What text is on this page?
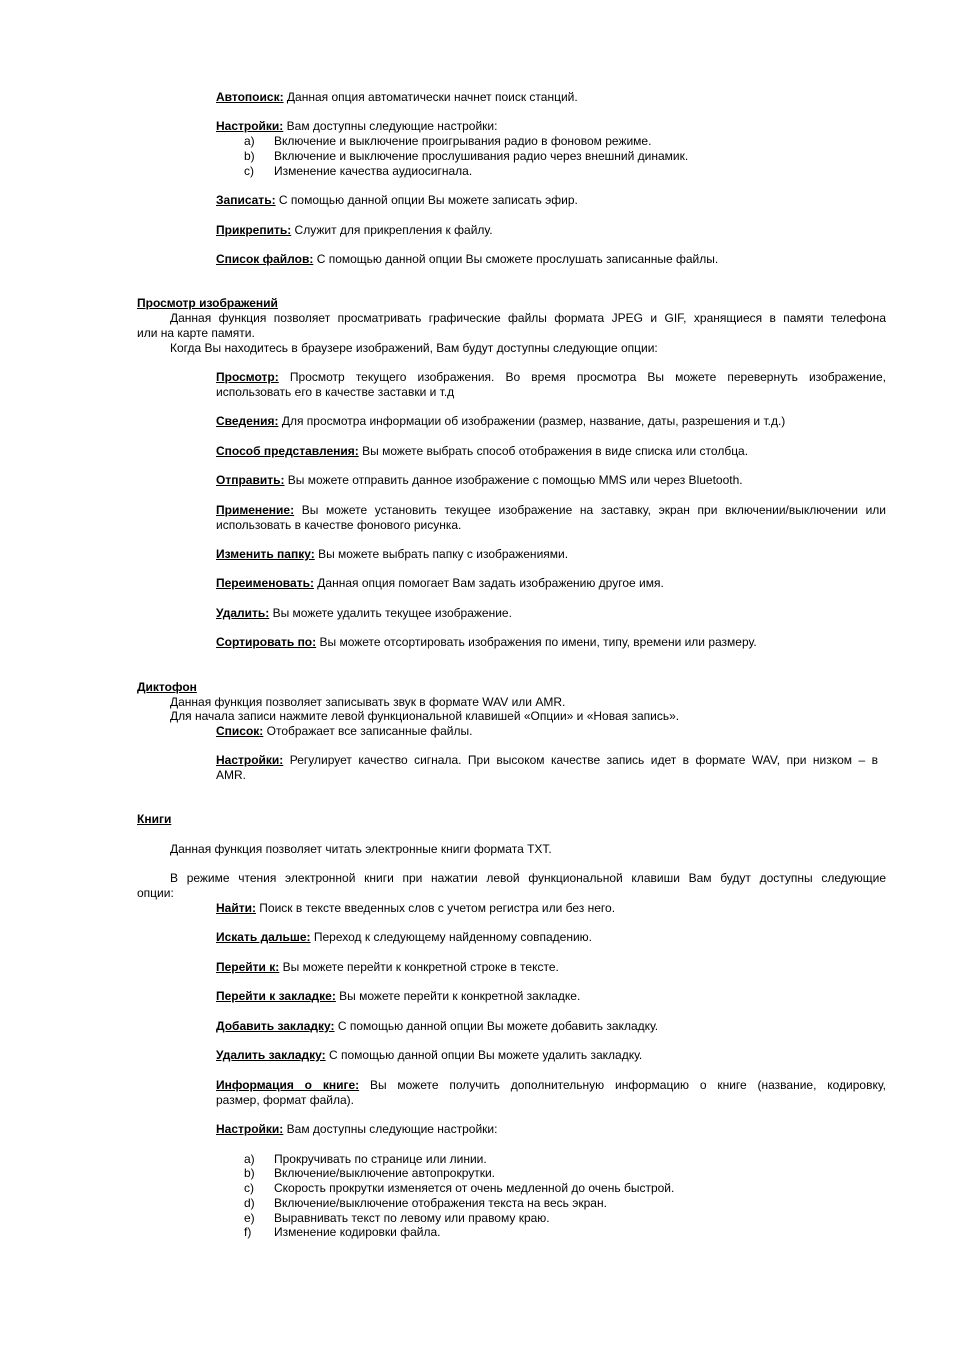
Автопоиск: Данная опция автоматически начнет поиск станций.
Настройки: Вам доступны следующие настройки:
a) Включение и выключение проигрывания радио в фоновом режиме.
b) Включение и выключение прослушивания радио через внешний динамик.
c) Изменение качества аудиосигнала.
Записать: С помощью данной опции Вы можете записать эфир.
Прикрепить: Служит для прикрепления к файлу.
Список файлов: С помощью данной опции Вы сможете прослушать записанные файлы.
Просмотр изображений
Данная функция позволяет просматривать графические файлы формата JPEG и GIF, хранящиеся в памяти телефона
или на карте памяти.
Когда Вы находитесь в браузере изображений, Вам будут доступны следующие опции:
Просмотр: Просмотр текущего изображения. Во время просмотра Вы можете перевернуть изображение,
использовать его в качестве заставки и т.д
Сведения: Для просмотра информации об изображении (размер, название, даты, разрешения и т.д.)
Способ представления: Вы можете выбрать способ отображения в виде списка или столбца.
Отправить: Вы можете отправить данное изображение с помощью MMS или через Bluetooth.
Применение: Вы можете установить текущее изображение на заставку, экран при включении/выключении или
использовать в качестве фонового рисунка.
Изменить папку: Вы можете выбрать папку с изображениями.
Переименовать: Данная опция помогает Вам задать изображению другое имя.
Удалить: Вы можете удалить текущее изображение.
Сортировать по: Вы можете отсортировать изображения по имени, типу, времени или размеру.
Диктофон
Данная функция позволяет записывать звук в формате WAV или AMR.
Для начала записи нажмите левой функциональной клавишей «Опции» и «Новая запись».
Список: Отображает все записанные файлы.
Настройки: Регулирует качество сигнала. При высоком качестве запись идет в формате WAV, при низком – в
AMR.
Книги
Данная функция позволяет читать электронные книги формата TXT.
В режиме чтения электронной книги при нажатии левой функциональной клавиши Вам будут доступны следующие
опции:
Найти: Поиск в тексте введенных слов с учетом регистра или без него.
Искать дальше: Переход к следующему найденному совпадению.
Перейти к: Вы можете перейти к конкретной строке в тексте.
Перейти к закладке: Вы можете перейти к конкретной закладке.
Добавить закладку: С помощью данной опции Вы можете добавить закладку.
Удалить закладку: С помощью данной опции Вы можете удалить закладку.
Информация о книге: Вы можете получить дополнительную информацию о книге (название, кодировку,
размер, формат файла).
Настройки: Вам доступны следующие настройки:
a) Прокручивать по странице или линии.
b) Включение/выключение автопрокрутки.
c) Скорость прокрутки изменяется от очень медленной до очень быстрой.
d) Включение/выключение отображения текста на весь экран.
e) Выравнивать текст по левому или правому краю.
f) Изменение кодировки файла.
